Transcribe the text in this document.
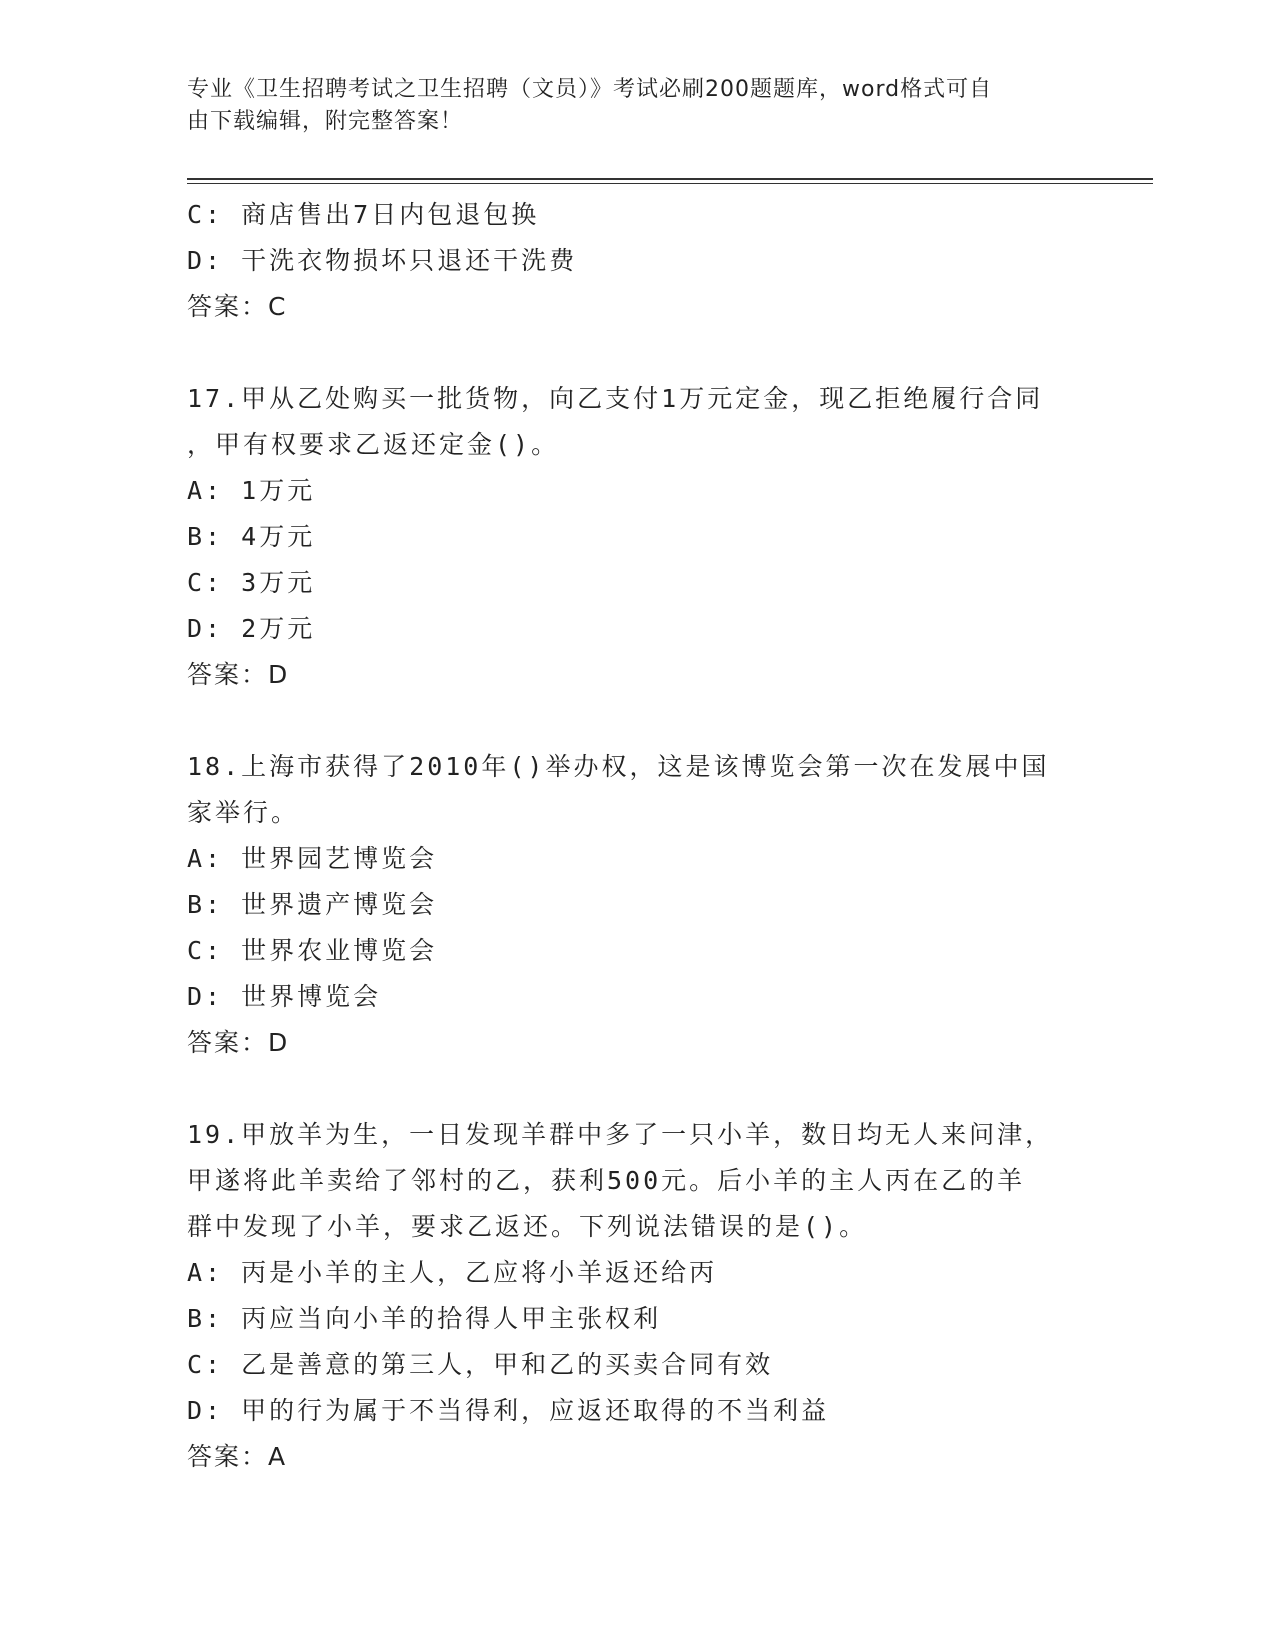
专业《卫生招聘考试之卫生招聘（文员）》考试必刷200题题库，word格式可自
由下载编辑，附完整答案！
C: 商店售出7日内包退包换
D: 干洗衣物损坏只退还干洗费
答案：C
17.甲从乙处购买一批货物，向乙支付1万元定金，现乙拒绝履行合同
，甲有权要求乙返还定金()。
A: 1万元
B: 4万元
C: 3万元
D: 2万元
答案：D
18.上海市获得了2010年()举办权，这是该博览会第一次在发展中国
家举行。
A: 世界园艺博览会
B: 世界遗产博览会
C: 世界农业博览会
D: 世界博览会
答案：D
19.甲放羊为生，一日发现羊群中多了一只小羊，数日均无人来问津，
甲遂将此羊卖给了邻村的乙，获利500元。后小羊的主人丙在乙的羊
群中发现了小羊，要求乙返还。下列说法错误的是()。
A: 丙是小羊的主人，乙应将小羊返还给丙
B: 丙应当向小羊的拾得人甲主张权利
C: 乙是善意的第三人，甲和乙的买卖合同有效
D: 甲的行为属于不当得利，应返还取得的不当利益
答案：A
